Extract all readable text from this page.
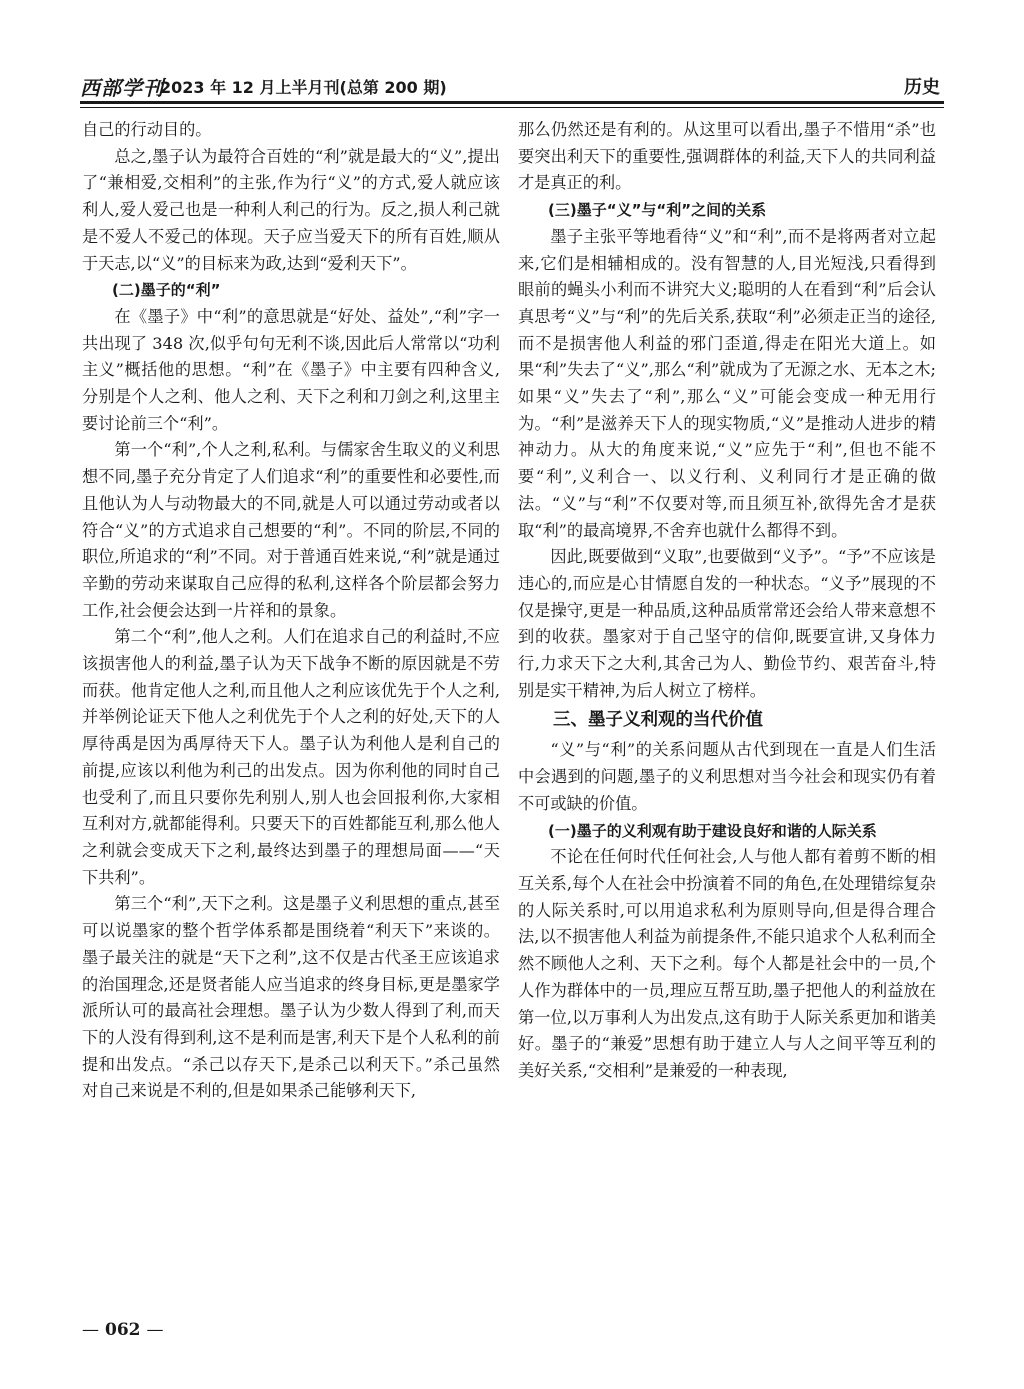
西部学刊
2023 年 12 月上半月刊(总第 200 期)	历史

自己的行动目的。

总之,墨子认为最符合百姓的“利”就是最大的“义”,提出了“兼相爱,交相利”的主张,作为行“义”的方式,爱人就应该利人,爱人爱己也是一种利人利己的行为。反之,损人利己就是不爱人不爱己的体现。天子应当爱天下的所有百姓,顺从于天志,以“义”的目标来为政,达到“爱利天下”。

(二)墨子的“利”

在《墨子》中“利”的意思就是“好处、益处”,“利”字一共出现了 348 次,似乎句句无利不谈,因此后人常常以“功利主义”概括他的思想。“利”在《墨子》中主要有四种含义,分别是个人之利、他人之利、天下之利和刀剑之利,这里主要讨论前三个“利”。

第一个“利”,个人之利,私利。与儒家舍生取义的义利思想不同,墨子充分肯定了人们追求“利”的重要性和必要性,而且他认为人与动物最大的不同,就是人可以通过劳动或者以符合“义”的方式追求自己想要的“利”。不同的阶层,不同的职位,所追求的“利”不同。对于普通百姓来说,“利”就是通过辛勤的劳动来谋取自己应得的私利,这样各个阶层都会努力工作,社会便会达到一片祥和的景象。

第二个“利”,他人之利。人们在追求自己的利益时,不应该损害他人的利益,墨子认为天下战争不断的原因就是不劳而获。他肯定他人之利,而且他人之利应该优先于个人之利,并举例论证天下他人之利优先于个人之利的好处,天下的人厚待禹是因为禹厚待天下人。墨子认为利他人是利自己的前提,应该以利他为利己的出发点。因为你利他的同时自己也受利了,而且只要你先利别人,别人也会回报利你,大家相互利对方,就都能得利。只要天下的百姓都能互利,那么他人之利就会变成天下之利,最终达到墨子的理想局面——“天下共利”。

第三个“利”,天下之利。这是墨子义利思想的重点,甚至可以说墨家的整个哲学体系都是围绕着“利天下”来谈的。墨子最关注的就是“天下之利”,这不仅是古代圣王应该追求的治国理念,还是贤者能人应当追求的终身目标,更是墨家学派所认可的最高社会理想。墨子认为少数人得到了利,而天下的人没有得到利,这不是利而是害,利天下是个人私利的前提和出发点。“杀己以存天下,是杀己以利天下。”杀己虽然对自己来说是不利的,但是如果杀己能够利天下,

那么仍然还是有利的。从这里可以看出,墨子不惜用“杀”也要突出利天下的重要性,强调群体的利益,天下人的共同利益才是真正的利。

(三)墨子“义”与“利”之间的关系

墨子主张平等地看待“义”和“利”,而不是将两者对立起来,它们是相辅相成的。没有智慧的人,目光短浅,只看得到眼前的蝇头小利而不讲究大义;聪明的人在看到“利”后会认真思考“义”与“利”的先后关系,获取“利”必须走正当的途径,而不是损害他人利益的邪门歪道,得走在阳光大道上。如果“利”失去了“义”,那么“利”就成为了无源之水、无本之木;如果“义”失去了“利”,那么“义”可能会变成一种无用行为。“利”是滋养天下人的现实物质,“义”是推动人进步的精神动力。从大的角度来说,“义”应先于“利”,但也不能不要“利”,义利合一、以义行利、义利同行才是正确的做法。“义”与“利”不仅要对等,而且须互补,欲得先舍才是获取“利”的最高境界,不舍弃也就什么都得不到。

因此,既要做到“义取”,也要做到“义予”。“予”不应该是违心的,而应是心甘情愿自发的一种状态。“义予”展现的不仅是操守,更是一种品质,这种品质常常还会给人带来意想不到的收获。墨家对于自己坚守的信仰,既要宣讲,又身体力行,力求天下之大利,其舍己为人、勤俭节约、艰苦奋斗,特别是实干精神,为后人树立了榜样。

三、墨子义利观的当代价值

“义”与“利”的关系问题从古代到现在一直是人们生活中会遇到的问题,墨子的义利思想对当今社会和现实仍有着不可或缺的价值。

(一)墨子的义利观有助于建设良好和谐的人际关系

不论在任何时代任何社会,人与他人都有着剪不断的相互关系,每个人在社会中扮演着不同的角色,在处理错综复杂的人际关系时,可以用追求私利为原则导向,但是得合理合法,以不损害他人利益为前提条件,不能只追求个人私利而全然不顾他人之利、天下之利。每个人都是社会中的一员,个人作为群体中的一员,理应互帮互助,墨子把他人的利益放在第一位,以万事利人为出发点,这有助于人际关系更加和谐美好。墨子的“兼爱”思想有助于建立人与人之间平等互利的美好关系,“交相利”是兼爱的一种表现,

— 062 —
